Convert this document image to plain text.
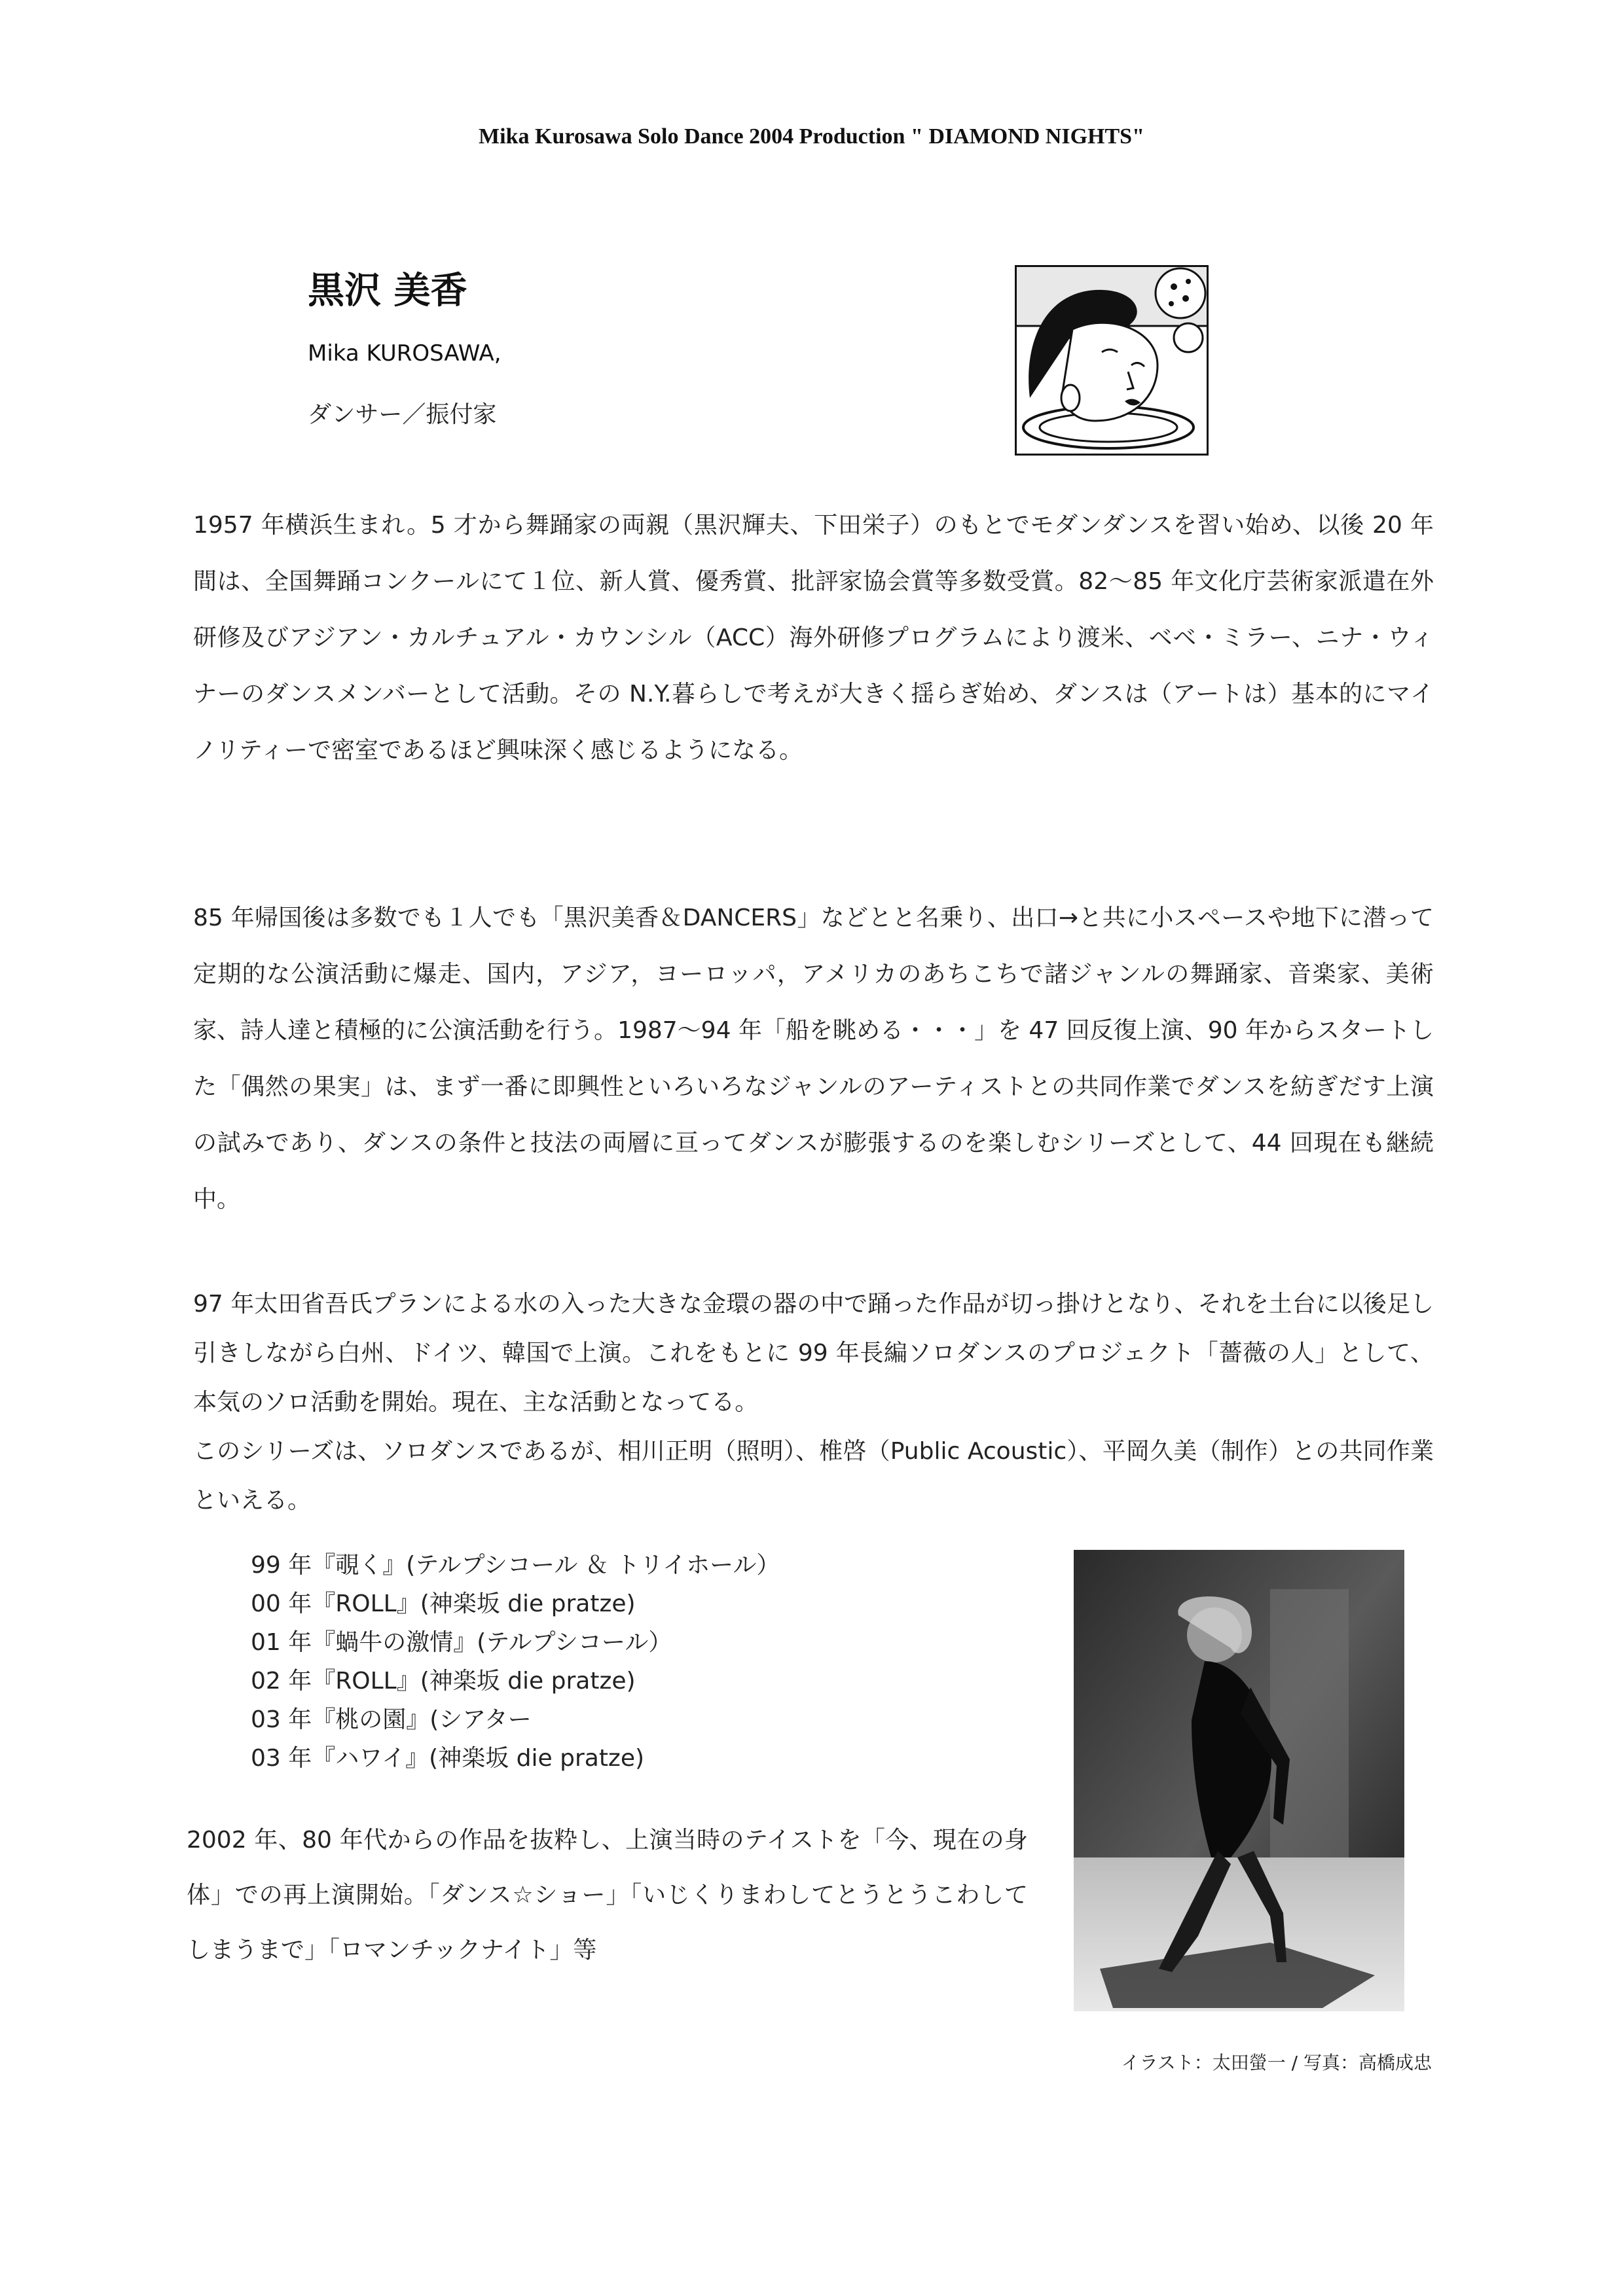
Mika Kurosawa Solo Dance 2004 Production " DIAMOND NIGHTS"
黒沢 美香
Mika KUROSAWA,
ダンサー／振付家

1957 年横浜生まれ。5 才から舞踊家の両親（黒沢輝夫、下田栄子）のもとでモダンダンスを習い始め、以後 20 年間は、全国舞踊コンクールにて１位、新人賞、優秀賞、批評家協会賞等多数受賞。82〜85 年文化庁芸術家派遣在外研修及びアジアン・カルチュアル・カウンシル（ACC）海外研修プログラムにより渡米、ベベ・ミラー、ニナ・ウィナーのダンスメンバーとして活動。その N.Y.暮らしで考えが大きく揺らぎ始め、ダンスは（アートは）基本的にマイノリティーで密室であるほど興味深く感じるようになる。

85 年帰国後は多数でも１人でも「黒沢美香＆DANCERS」などとと名乗り、出口→と共に小スペースや地下に潜って定期的な公演活動に爆走、国内，アジア，ヨーロッパ，アメリカのあちこちで諸ジャンルの舞踊家、音楽家、美術家、詩人達と積極的に公演活動を行う。1987〜94 年「船を眺める・・・」を 47 回反復上演、90 年からスタートした「偶然の果実」は、まず一番に即興性といろいろなジャンルのアーティストとの共同作業でダンスを紡ぎだす上演の試みであり、ダンスの条件と技法の両層に亘ってダンスが膨張するのを楽しむシリーズとして、44 回現在も継続中。

97 年太田省吾氏プランによる水の入った大きな金環の器の中で踊った作品が切っ掛けとなり、それを土台に以後足し引きしながら白州、ドイツ、韓国で上演。これをもとに 99 年長編ソロダンスのプロジェクト「薔薇の人」として、本気のソロ活動を開始。現在、主な活動となってる。

このシリーズは、ソロダンスであるが、相川正明（照明）、椎啓（Public Acoustic）、平岡久美（制作）との共同作業といえる。

99 年『覗く』(テルプシコール ＆ トリイホール）
00 年『ROLL』(神楽坂 die pratze)
01 年『蝸牛の激情』(テルプシコール）
02 年『ROLL』(神楽坂 die pratze)
03 年『桃の園』(シアター
03 年『ハワイ』(神楽坂 die pratze)

2002 年、80 年代からの作品を抜粋し、上演当時のテイストを「今、現在の身体」での再上演開始。「ダンス☆ショー」「いじくりまわしてとうとうこわしてしまうまで」「ロマンチックナイト」等

イラスト：太田螢一 / 写真：高橋成忠
